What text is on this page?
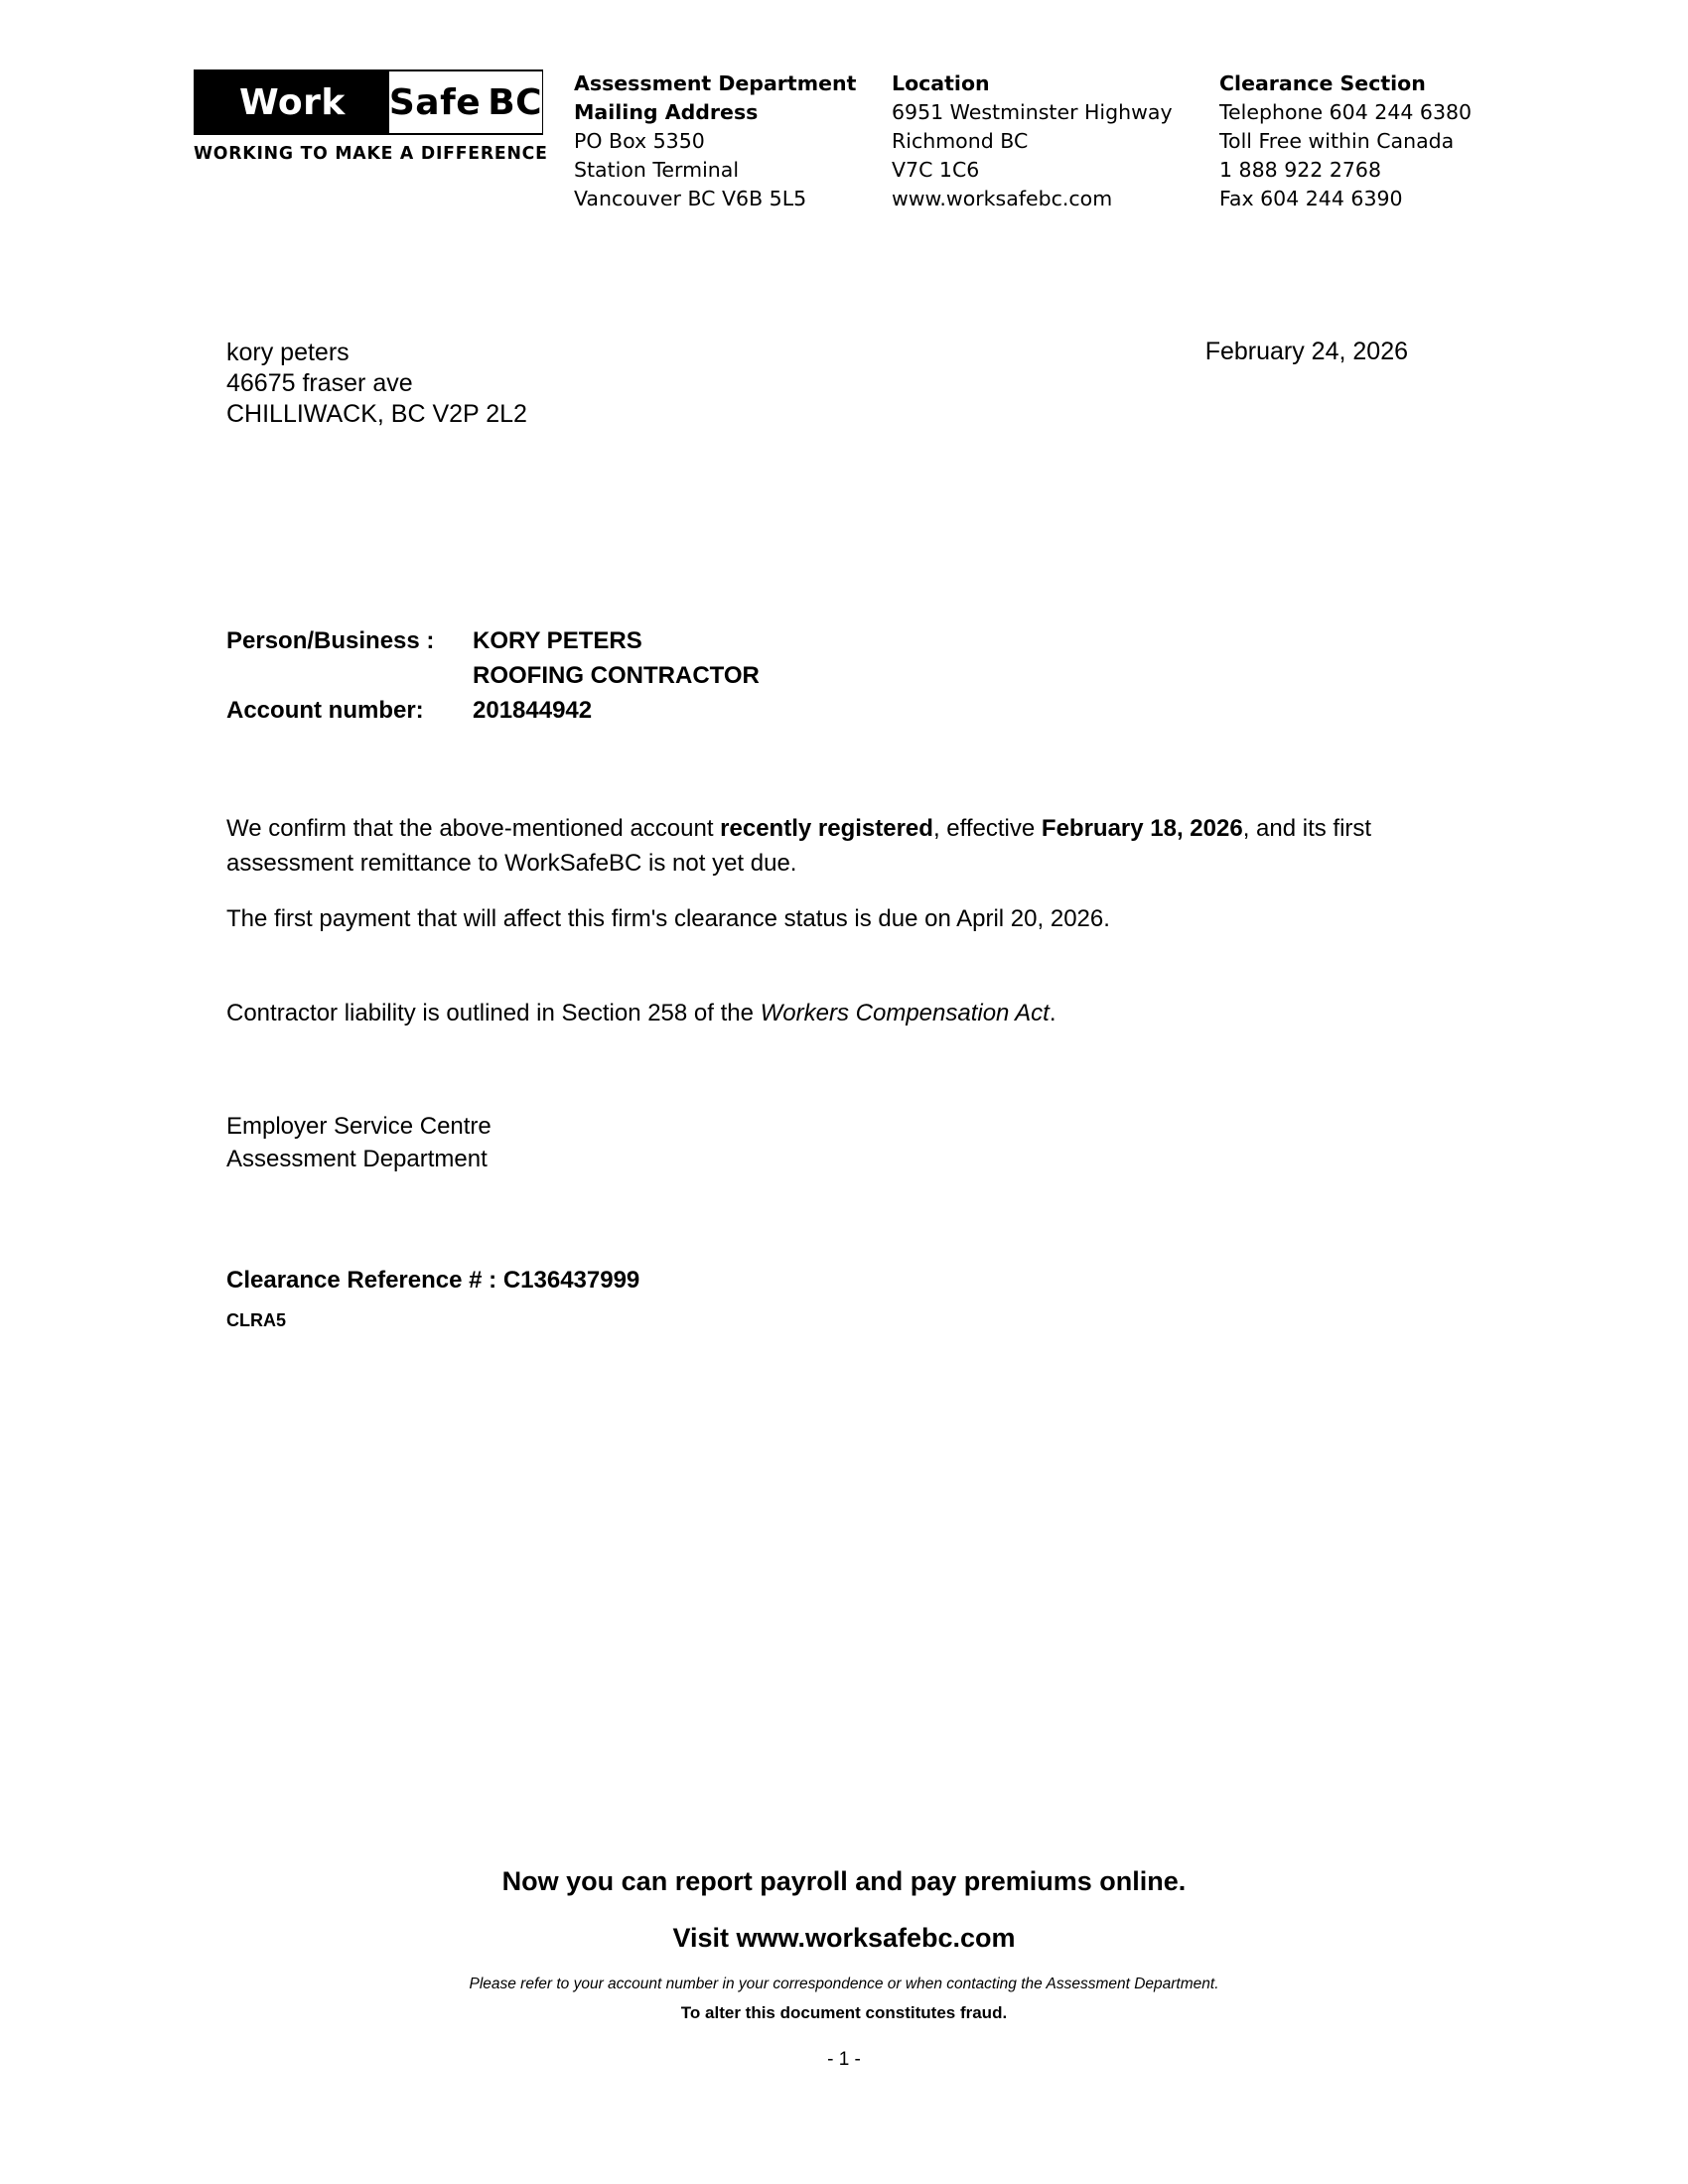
Work Safe BC
WORKING TO MAKE A DIFFERENCE
Assessment Department
Mailing Address
PO Box 5350
Station Terminal
Vancouver BC V6B 5L5
Location
6951 Westminster Highway
Richmond BC
V7C 1C6
www.worksafebc.com
Clearance Section
Telephone 604 244 6380
Toll Free within Canada
1 888 922 2768
Fax 604 244 6390
kory peters
46675 fraser ave
CHILLIWACK, BC V2P 2L2
February 24, 2026
Person/Business :	KORY PETERS
ROOFING CONTRACTOR
Account number:	201844942
We confirm that the above-mentioned account recently registered, effective February 18, 2026, and its first assessment remittance to WorkSafeBC is not yet due.
The first payment that will affect this firm's clearance status is due on April 20, 2026.
Contractor liability is outlined in Section 258 of the Workers Compensation Act.
Employer Service Centre
Assessment Department
Clearance Reference # : C136437999
CLRA5
Now you can report payroll and pay premiums online.
Visit www.worksafebc.com
Please refer to your account number in your correspondence or when contacting the Assessment Department.
To alter this document constitutes fraud.
- 1 -
